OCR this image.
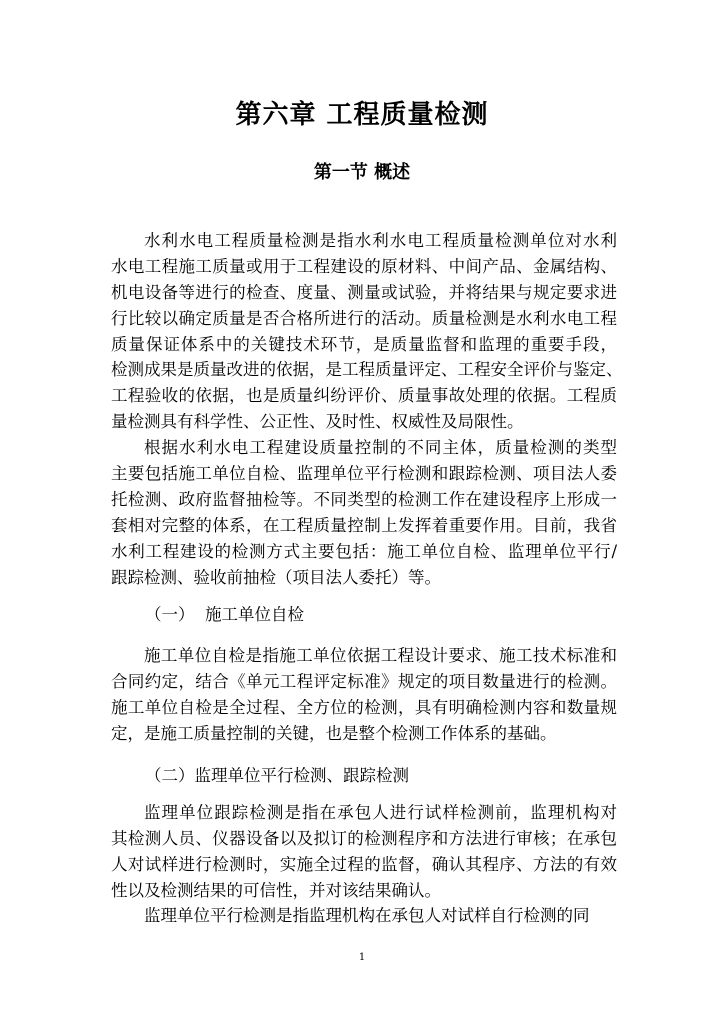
第六章 工程质量检测
第一节 概述
水利水电工程质量检测是指水利水电工程质量检测单位对水利
水电工程施工质量或用于工程建设的原材料、中间产品、金属结构、
机电设备等进行的检查、度量、测量或试验，并将结果与规定要求进
行比较以确定质量是否合格所进行的活动。质量检测是水利水电工程
质量保证体系中的关键技术环节，是质量监督和监理的重要手段，
检测成果是质量改进的依据，是工程质量评定、工程安全评价与鉴定、
工程验收的依据，也是质量纠纷评价、质量事故处理的依据。工程质
量检测具有科学性、公正性、及时性、权威性及局限性。
根据水利水电工程建设质量控制的不同主体，质量检测的类型
主要包括施工单位自检、监理单位平行检测和跟踪检测、项目法人委
托检测、政府监督抽检等。不同类型的检测工作在建设程序上形成一
套相对完整的体系，在工程质量控制上发挥着重要作用。目前，我省
水利工程建设的检测方式主要包括：施工单位自检、监理单位平行/
跟踪检测、验收前抽检（项目法人委托）等。
（一）  施工单位自检
施工单位自检是指施工单位依据工程设计要求、施工技术标准和
合同约定，结合《单元工程评定标准》规定的项目数量进行的检测。
施工单位自检是全过程、全方位的检测，具有明确检测内容和数量规
定，是施工质量控制的关键，也是整个检测工作体系的基础。
（二）监理单位平行检测、跟踪检测
监理单位跟踪检测是指在承包人进行试样检测前，监理机构对
其检测人员、仪器设备以及拟订的检测程序和方法进行审核；在承包
人对试样进行检测时，实施全过程的监督，确认其程序、方法的有效
性以及检测结果的可信性，并对该结果确认。
监理单位平行检测是指监理机构在承包人对试样自行检测的同
1
